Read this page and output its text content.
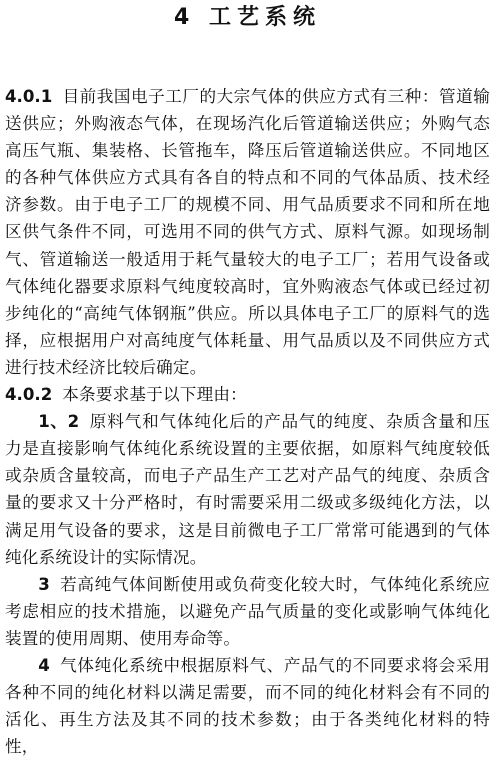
4 工艺系统

4.0.1 目前我国电子工厂的大宗气体的供应方式有三种：管道输送供应；外购液态气体，在现场汽化后管道输送供应；外购气态高压气瓶、集装格、长管拖车，降压后管道输送供应。不同地区的各种气体供应方式具有各自的特点和不同的气体品质、技术经济参数。由于电子工厂的规模不同、用气品质要求不同和所在地区供气条件不同，可选用不同的供气方式、原料气源。如现场制气、管道输送一般适用于耗气量较大的电子工厂；若用气设备或气体纯化器要求原料气纯度较高时，宜外购液态气体或已经过初步纯化的“高纯气体钢瓶”供应。所以具体电子工厂的原料气的选择，应根据用户对高纯度气体耗量、用气品质以及不同供应方式进行技术经济比较后确定。

4.0.2 本条要求基于以下理由：

1、2 原料气和气体纯化后的产品气的纯度、杂质含量和压力是直接影响气体纯化系统设置的主要依据，如原料气纯度较低或杂质含量较高，而电子产品生产工艺对产品气的纯度、杂质含量的要求又十分严格时，有时需要采用二级或多级纯化方法，以满足用气设备的要求，这是目前微电子工厂常常可能遇到的气体纯化系统设计的实际情况。

3 若高纯气体间断使用或负荷变化较大时，气体纯化系统应考虑相应的技术措施，以避免产品气质量的变化或影响气体纯化装置的使用周期、使用寿命等。

4 气体纯化系统中根据原料气、产品气的不同要求将会采用各种不同的纯化材料以满足需要，而不同的纯化材料会有不同的活化、再生方法及其不同的技术参数；由于各类纯化材料的特性，
